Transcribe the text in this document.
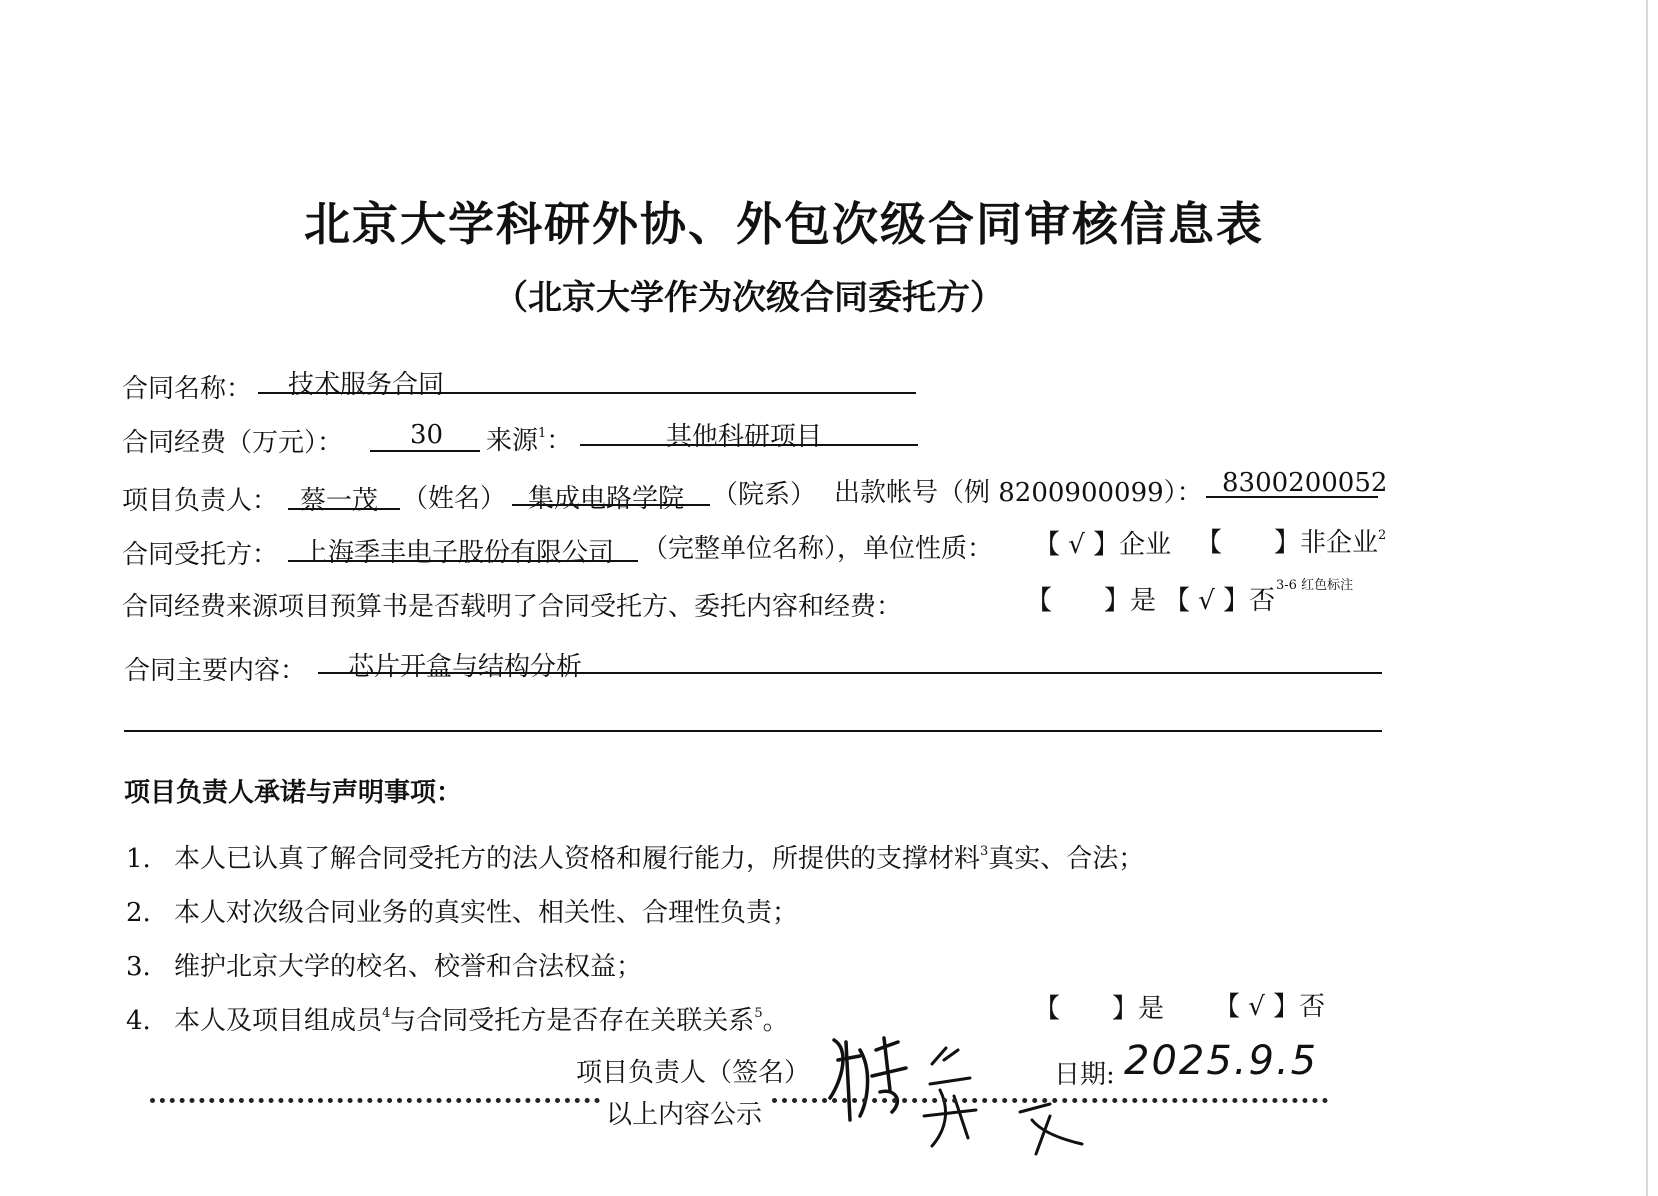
北京大学科研外协、外包次级合同审核信息表
（北京大学作为次级合同委托方）
合同名称： 技术服务合同
合同经费（万元）：	30 来源$^1$：	其他科研项目
项目负责人： 蔡一茂 （姓名） 集成电路学院 （院系） 出款帐号（例 8200900099）： 8300200052
合同受托方： 上海季丰电子股份有限公司 （完整单位名称），单位性质： 【 √ 】企业 【　　】非企业$^2$
合同经费来源项目预算书是否载明了合同受托方、委托内容和经费：	【　　】是 【 √ 】否
3-6 红色标注
合同主要内容： 芯片开盒与结构分析
项目负责人承诺与声明事项：
1. 本人已认真了解合同受托方的法人资格和履行能力，所提供的支撑材料$^3$真实、合法；
2. 本人对次级合同业务的真实性、相关性、合理性负责；
3. 维护北京大学的校名、校誉和合法权益；
4. 本人及项目组成员$^4$与合同受托方是否存在关联关系$^5$。	【　　】是 【 √ 】否
项目负责人（签名）	日期: 2025.9.5
以上内容公示
